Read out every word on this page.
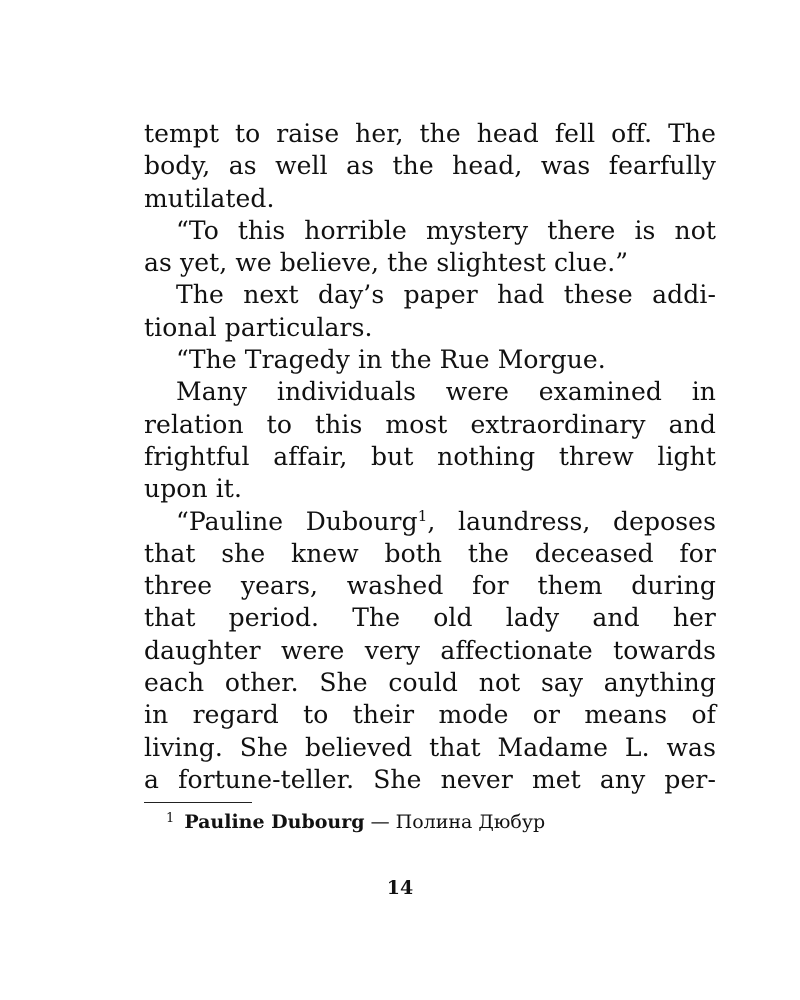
tempt to raise her, the head fell off. The
body, as well as the head, was fearfully
mutilated.
“To this horrible mystery there is not
as yet, we believe, the slightest clue.”
The next day’s paper had these addi-
tional particulars.
“The Tragedy in the Rue Morgue.
Many individuals were examined in
relation to this most extraordinary and
frightful affair, but nothing threw light
upon it.
“Pauline Dubourg$^1$, laundress, deposes
that she knew both the deceased for
three years, washed for them during
that period. The old lady and her
daughter were very affectionate towards
each other. She could not say anything
in regard to their mode or means of
living. She believed that Madame L. was
a fortune-teller. She never met any per-
$^1$ Pauline Dubourg — Полина Дюбур
14
